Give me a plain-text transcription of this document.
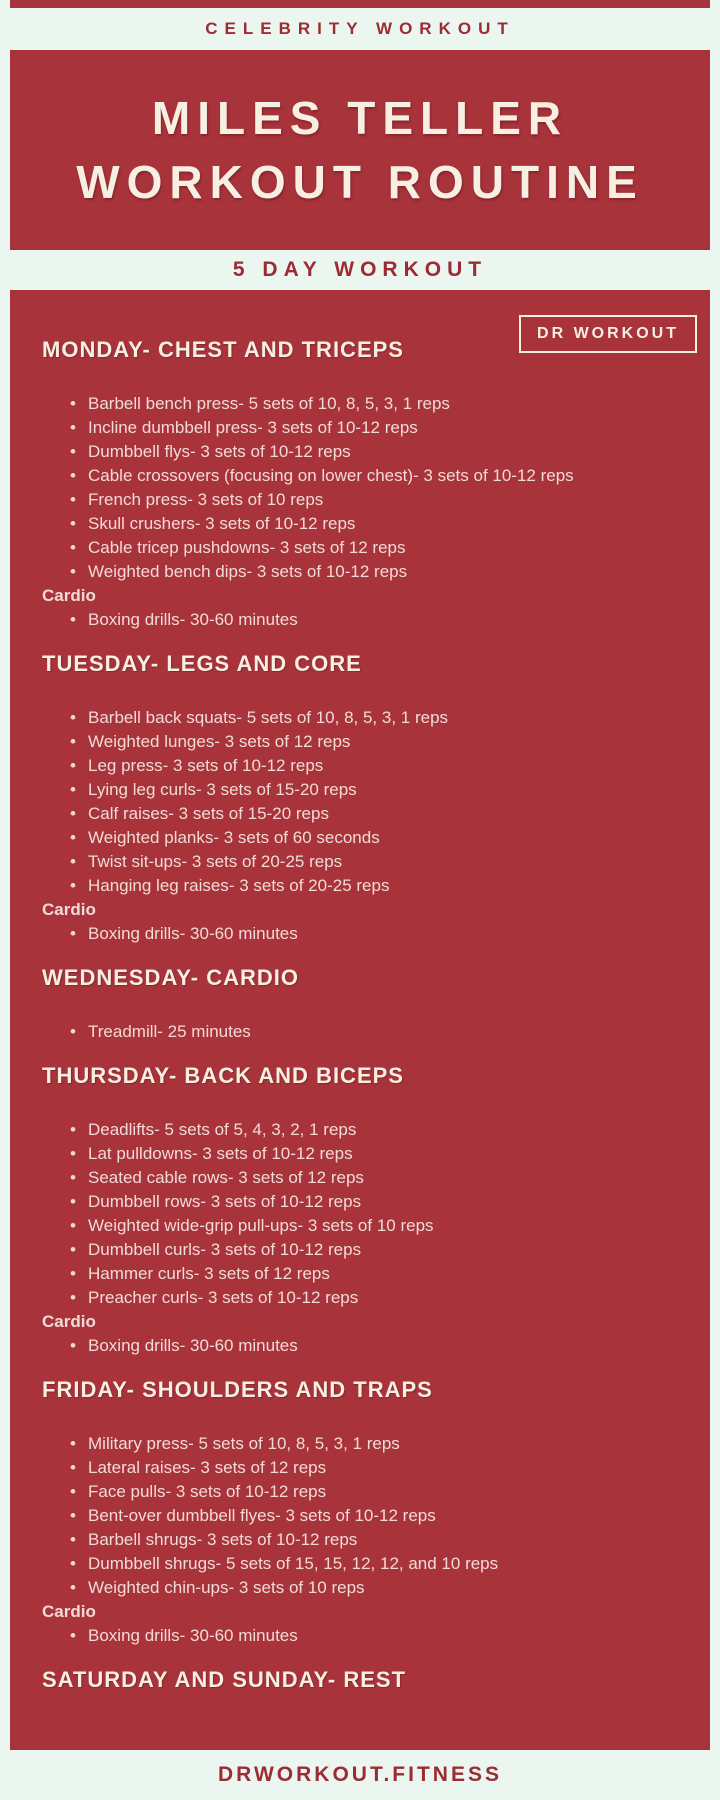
CELEBRITY WORKOUT
MILES TELLER
WORKOUT ROUTINE
5 DAY WORKOUT
DR WORKOUT
MONDAY- CHEST AND TRICEPS
• Barbell bench press- 5 sets of 10, 8, 5, 3, 1 reps
• Incline dumbbell press- 3 sets of 10-12 reps
• Dumbbell flys- 3 sets of 10-12 reps
• Cable crossovers (focusing on lower chest)- 3 sets of 10-12 reps
• French press- 3 sets of 10 reps
• Skull crushers- 3 sets of 10-12 reps
• Cable tricep pushdowns- 3 sets of 12 reps
• Weighted bench dips- 3 sets of 10-12 reps
Cardio
• Boxing drills- 30-60 minutes
TUESDAY- LEGS AND CORE
• Barbell back squats- 5 sets of 10, 8, 5, 3, 1 reps
• Weighted lunges- 3 sets of 12 reps
• Leg press- 3 sets of 10-12 reps
• Lying leg curls- 3 sets of 15-20 reps
• Calf raises- 3 sets of 15-20 reps
• Weighted planks- 3 sets of 60 seconds
• Twist sit-ups- 3 sets of 20-25 reps
• Hanging leg raises- 3 sets of 20-25 reps
Cardio
• Boxing drills- 30-60 minutes
WEDNESDAY- CARDIO
• Treadmill- 25 minutes
THURSDAY- BACK AND BICEPS
• Deadlifts- 5 sets of 5, 4, 3, 2, 1 reps
• Lat pulldowns- 3 sets of 10-12 reps
• Seated cable rows- 3 sets of 12 reps
• Dumbbell rows- 3 sets of 10-12 reps
• Weighted wide-grip pull-ups- 3 sets of 10 reps
• Dumbbell curls- 3 sets of 10-12 reps
• Hammer curls- 3 sets of 12 reps
• Preacher curls- 3 sets of 10-12 reps
Cardio
• Boxing drills- 30-60 minutes
FRIDAY- SHOULDERS AND TRAPS
• Military press- 5 sets of 10, 8, 5, 3, 1 reps
• Lateral raises- 3 sets of 12 reps
• Face pulls- 3 sets of 10-12 reps
• Bent-over dumbbell flyes- 3 sets of 10-12 reps
• Barbell shrugs- 3 sets of 10-12 reps
• Dumbbell shrugs- 5 sets of 15, 15, 12, 12, and 10 reps
• Weighted chin-ups- 3 sets of 10 reps
Cardio
• Boxing drills- 30-60 minutes
SATURDAY AND SUNDAY- REST
DRWORKOUT.FITNESS
